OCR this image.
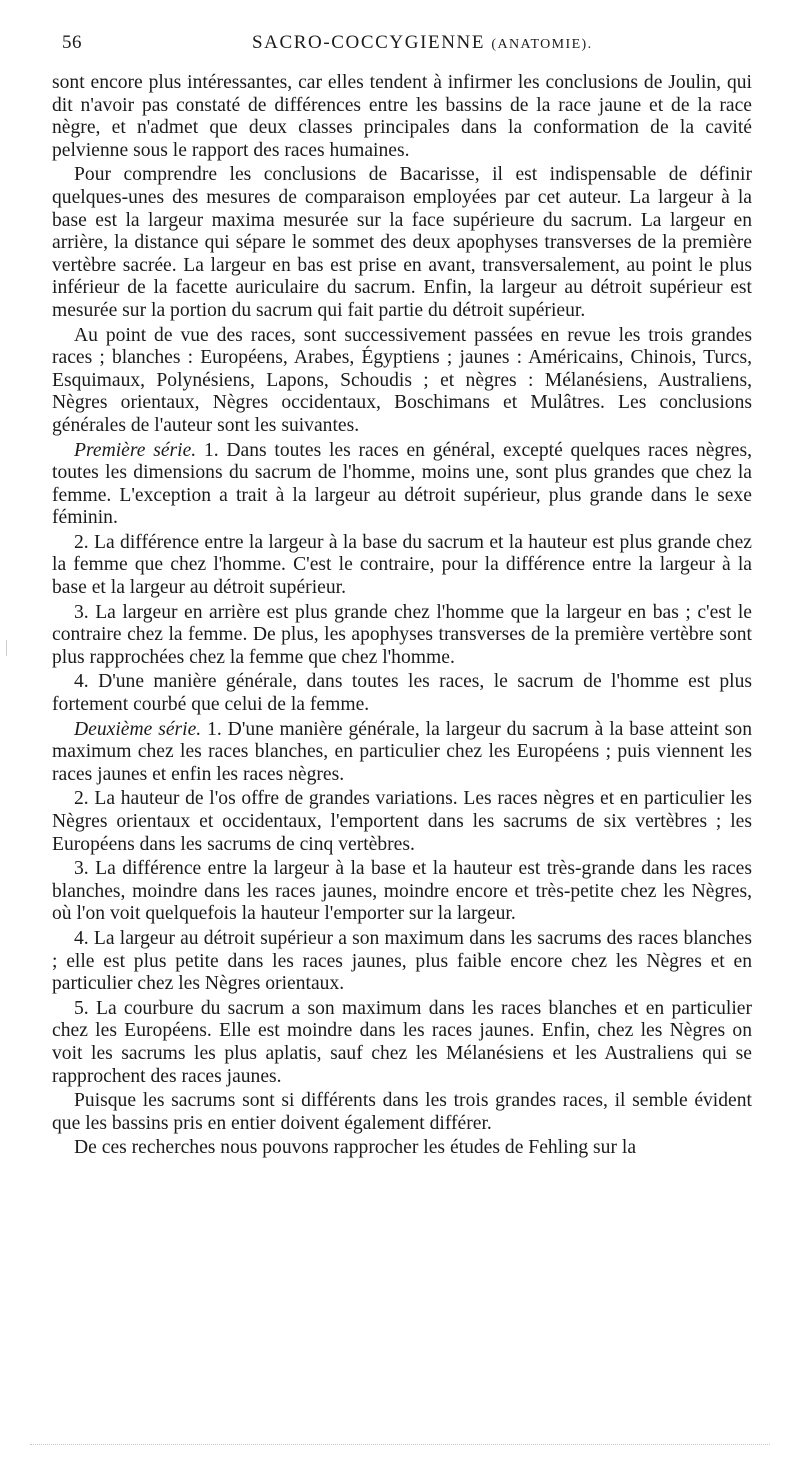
56	SACRO-COCCYGIENNE (ANATOMIE).

sont encore plus intéressantes, car elles tendent à infirmer les conclusions de Joulin, qui dit n'avoir pas constaté de différences entre les bassins de la race jaune et de la race nègre, et n'admet que deux classes principales dans la conformation de la cavité pelvienne sous le rapport des races humaines.

Pour comprendre les conclusions de Bacarisse, il est indispensable de définir quelques-unes des mesures de comparaison employées par cet auteur. La largeur à la base est la largeur maxima mesurée sur la face supérieure du sacrum. La largeur en arrière, la distance qui sépare le sommet des deux apophyses transverses de la première vertèbre sacrée. La largeur en bas est prise en avant, transversalement, au point le plus inférieur de la facette auriculaire du sacrum. Enfin, la largeur au détroit supérieur est mesurée sur la portion du sacrum qui fait partie du détroit supérieur.

Au point de vue des races, sont successivement passées en revue les trois grandes races ; blanches : Européens, Arabes, Égyptiens ; jaunes : Américains, Chinois, Turcs, Esquimaux, Polynésiens, Lapons, Schoudis ; et nègres : Mélanésiens, Australiens, Nègres orientaux, Nègres occidentaux, Boschimans et Mulâtres. Les conclusions générales de l'auteur sont les suivantes.

Première série. 1. Dans toutes les races en général, excepté quelques races nègres, toutes les dimensions du sacrum de l'homme, moins une, sont plus grandes que chez la femme. L'exception a trait à la largeur au détroit supérieur, plus grande dans le sexe féminin.

2. La différence entre la largeur à la base du sacrum et la hauteur est plus grande chez la femme que chez l'homme. C'est le contraire, pour la différence entre la largeur à la base et la largeur au détroit supérieur.

3. La largeur en arrière est plus grande chez l'homme que la largeur en bas ; c'est le contraire chez la femme. De plus, les apophyses transverses de la première vertèbre sont plus rapprochées chez la femme que chez l'homme.

4. D'une manière générale, dans toutes les races, le sacrum de l'homme est plus fortement courbé que celui de la femme.

Deuxième série. 1. D'une manière générale, la largeur du sacrum à la base atteint son maximum chez les races blanches, en particulier chez les Européens ; puis viennent les races jaunes et enfin les races nègres.

2. La hauteur de l'os offre de grandes variations. Les races nègres et en particulier les Nègres orientaux et occidentaux, l'emportent dans les sacrums de six vertèbres ; les Européens dans les sacrums de cinq vertèbres.

3. La différence entre la largeur à la base et la hauteur est très-grande dans les races blanches, moindre dans les races jaunes, moindre encore et très-petite chez les Nègres, où l'on voit quelquefois la hauteur l'emporter sur la largeur.

4. La largeur au détroit supérieur a son maximum dans les sacrums des races blanches ; elle est plus petite dans les races jaunes, plus faible encore chez les Nègres et en particulier chez les Nègres orientaux.

5. La courbure du sacrum a son maximum dans les races blanches et en particulier chez les Européens. Elle est moindre dans les races jaunes. Enfin, chez les Nègres on voit les sacrums les plus aplatis, sauf chez les Mélanésiens et les Australiens qui se rapprochent des races jaunes.

Puisque les sacrums sont si différents dans les trois grandes races, il semble évident que les bassins pris en entier doivent également différer.

De ces recherches nous pouvons rapprocher les études de Fehling sur la
